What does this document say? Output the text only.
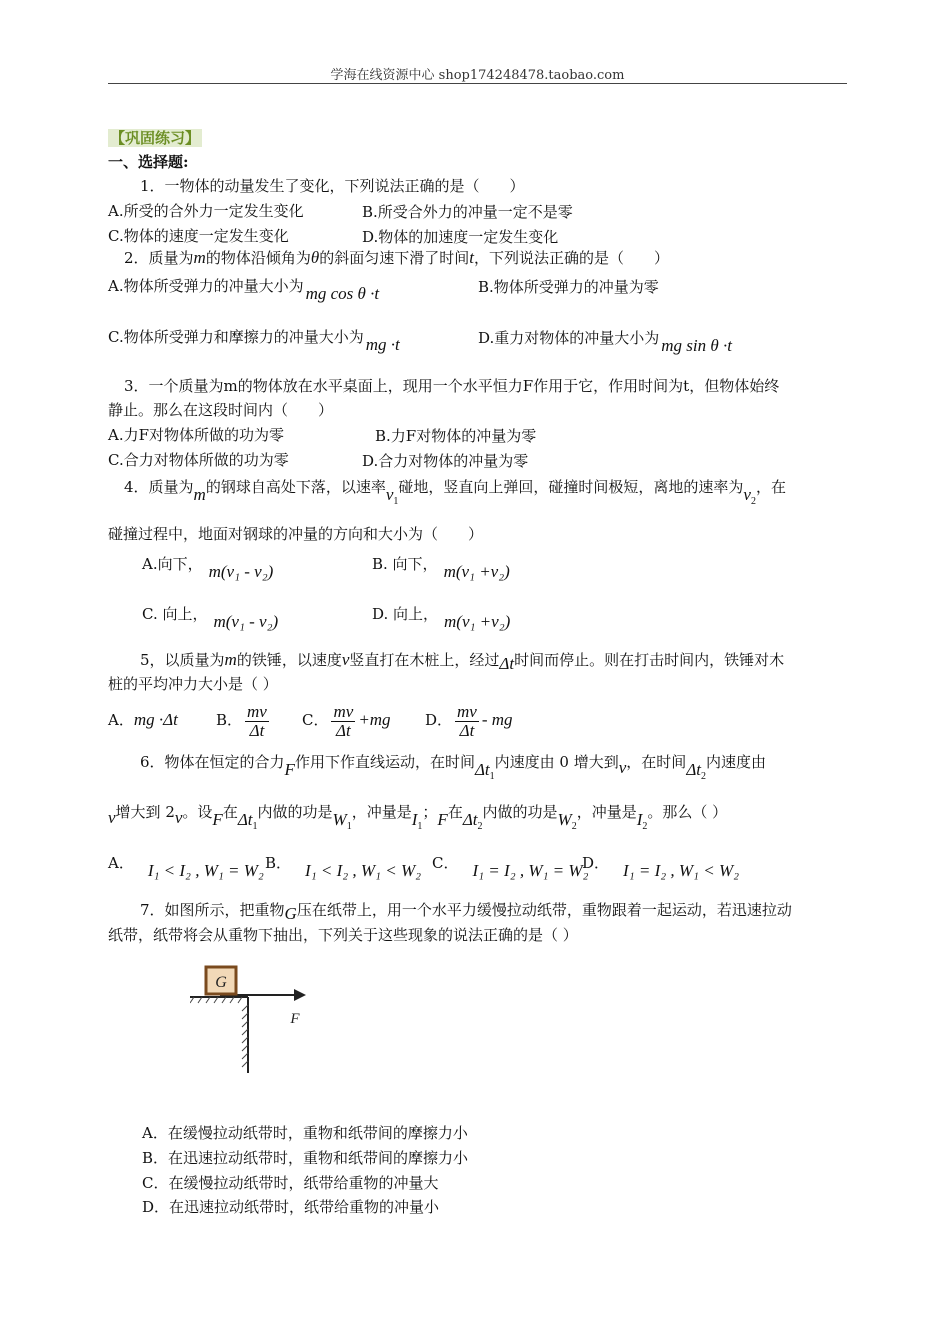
学海在线资源中心 shop174248478.taobao.com
【巩固练习】
一、选择题:
1．一物体的动量发生了变化，下列说法正确的是（　　）
A.所受的合外力一定发生变化	B.所受合外力的冲量一定不是零
C.物体的速度一定发生变化	D.物体的加速度一定发生变化
2．质量为m的物体沿倾角为θ的斜面匀速下滑了时间t，下列说法正确的是（　　）
A.物体所受弹力的冲量大小为 mg cos θ ·t	B.物体所受弹力的冲量为零
C.物体所受弹力和摩擦力的冲量大小为 mg ·t	D.重力对物体的冲量大小为 mg sin θ ·t
3．一个质量为m的物体放在水平桌面上，现用一个水平恒力F作用于它，作用时间为t，但物体始终
静止。那么在这段时间内（　　）
A.力F对物体所做的功为零	B.力F对物体的冲量为零
C.合力对物体所做的功为零	D.合力对物体的冲量为零
4．质量为m的钢球自高处下落，以速率$v_1$碰地，竖直向上弹回，碰撞时间极短，离地的速率为$v_2$，在
碰撞过程中，地面对钢球的冲量的方向和大小为（　　）
A.向下， m(v₁ - v₂)	B. 向下， m(v₁ +v₂)
C. 向上， m(v₁ - v₂)	D. 向上， m(v₁ +v₂)
5，以质量为m的铁锤，以速度v竖直打在木桩上，经过Δt时间而停止。则在打击时间内，铁锤对木
桩的平均冲力大小是（ ）
A．mg ·Δt	B． $\frac{mv}{\Delta t}$ C． $\frac{mv}{\Delta t} +mg$ D． $\frac{mv}{\Delta t}$ - mg
6．物体在恒定的合力F作用下作直线运动，在时间$\Delta t_1$内速度由 0 增大到v，在时间$\Delta t_2$内速度由
v增大到 2v。设F在$\Delta t_1$内做的功是$W_1$，冲量是$I_1$；F在$\Delta t_2$内做的功是$W_2$，冲量是$I_2$。那么（ ）
A． I₁ < I₂ , W₁ = W₂ B． I₁ < I₂ , W₁ < W₂ C． I₁ = I₂ , W₁ = W₂
D． I₁ = I₂ , W₁ < W₂
7．如图所示，把重物G压在纸带上，用一个水平力缓慢拉动纸带，重物跟着一起运动，若迅速拉动
纸带，纸带将会从重物下抽出，下列关于这些现象的说法正确的是（ ）
G
F
A．在缓慢拉动纸带时，重物和纸带间的摩擦力小
B．在迅速拉动纸带时，重物和纸带间的摩擦力小
C．在缓慢拉动纸带时，纸带给重物的冲量大
D．在迅速拉动纸带时，纸带给重物的冲量小
